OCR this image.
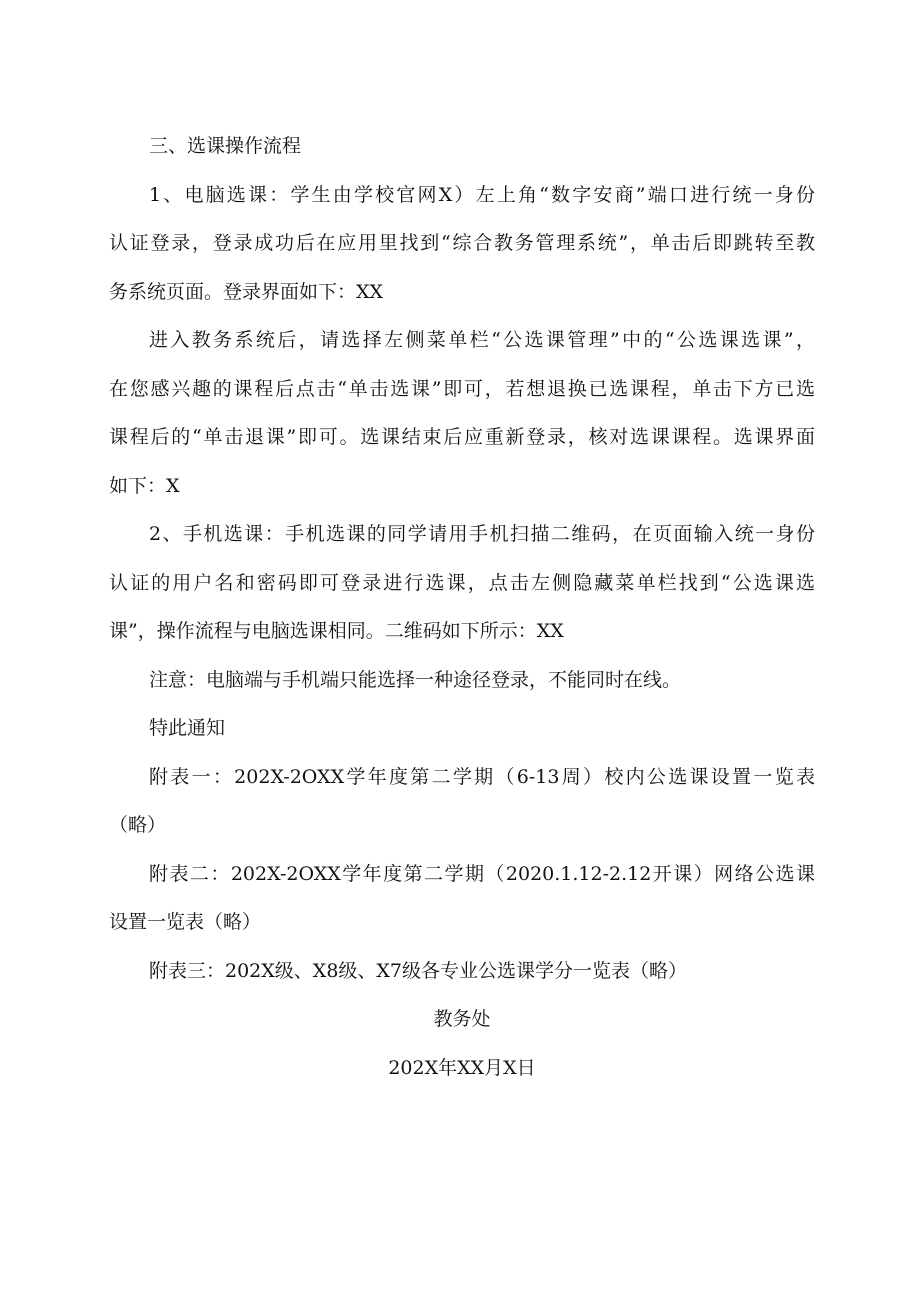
三、选课操作流程
1、电脑选课：学生由学校官网X）左上角“数字安商”端口进行统一身份
认证登录，登录成功后在应用里找到“综合教务管理系统”，单击后即跳转至教
务系统页面。登录界面如下：XX
进入教务系统后，请选择左侧菜单栏“公选课管理”中的“公选课选课”，
在您感兴趣的课程后点击“单击选课”即可，若想退换已选课程，单击下方已选
课程后的“单击退课”即可。选课结束后应重新登录，核对选课课程。选课界面
如下：X
2、手机选课：手机选课的同学请用手机扫描二维码，在页面输入统一身份
认证的用户名和密码即可登录进行选课，点击左侧隐藏菜单栏找到“公选课选
课”，操作流程与电脑选课相同。二维码如下所示：XX
注意：电脑端与手机端只能选择一种途径登录，不能同时在线。
特此通知
附表一：202X-2OXX学年度第二学期（6-13周）校内公选课设置一览表
（略）
附表二：202X-2OXX学年度第二学期（2020.1.12-2.12开课）网络公选课
设置一览表（略）
附表三：202X级、X8级、X7级各专业公选课学分一览表（略）
教务处
202X年XX月X日
